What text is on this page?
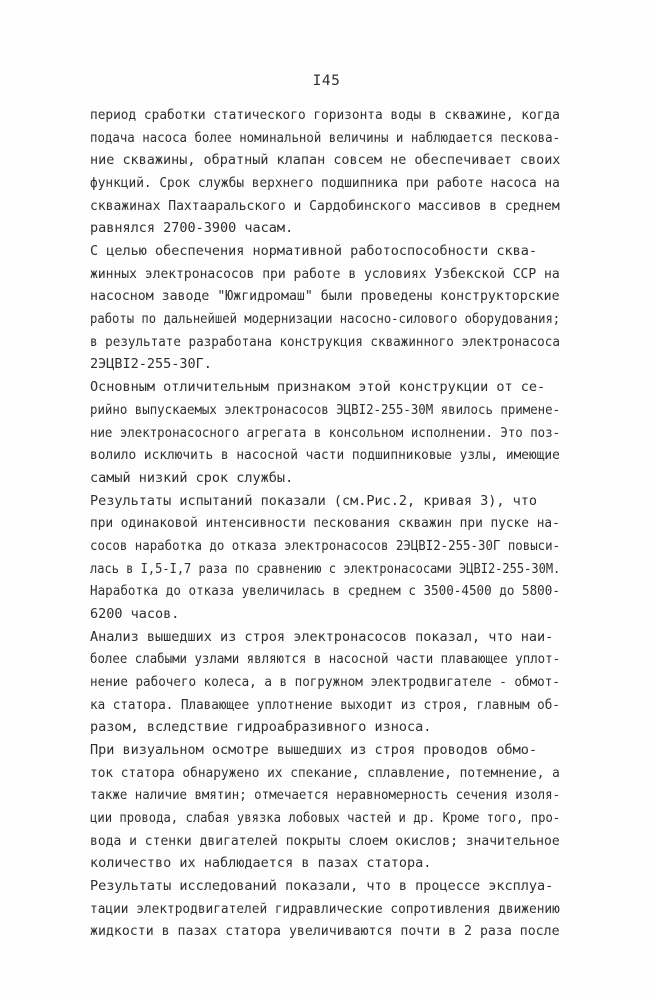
I45
период сработки статического горизонта воды в скважине, когда
подача насоса более номинальной величины и наблюдается пескова-
ние скважины, обратный клапан совсем не обеспечивает своих
функций. Срок службы верхнего подшипника при работе насоса на
скважинах Пахтааральского и Сардобинского массивов в среднем
равнялся 2700-3900 часам.
С целью обеспечения нормативной работоспособности сква-
жинных электронасосов при работе в условиях Узбекской ССР на
насосном заводе "Южгидромаш" были проведены конструкторские
работы по дальнейшей модернизации насосно-силового оборудования;
в результате разработана конструкция скважинного электронасоса
2ЭЦВI2-255-30Г.
Основным отличительным признаком этой конструкции от се-
рийно выпускаемых электронасосов ЭЦВI2-255-30М явилось примене-
ние электронасосного агрегата в консольном исполнении. Это поз-
волило исключить в насосной части подшипниковые узлы, имеющие
самый низкий срок службы.
Результаты испытаний показали (см.Рис.2, кривая 3), что
при одинаковой интенсивности пескования скважин при пуске на-
сосов наработка до отказа электронасосов 2ЭЦВI2-255-30Г повыси-
лась в I,5-I,7 раза по сравнению с электронасосами ЭЦВI2-255-30М.
Наработка до отказа увеличилась в среднем с 3500-4500 до 5800-
6200 часов.
Анализ вышедших из строя электронасосов показал, что наи-
более слабыми узлами являются в насосной части плавающее уплот-
нение рабочего колеса, а в погружном электродвигателе - обмот-
ка статора. Плавающее уплотнение выходит из строя, главным об-
разом, вследствие гидроабразивного износа.
При визуальном осмотре вышедших из строя проводов обмо-
ток статора обнаружено их спекание, сплавление, потемнение, а
также наличие вмятин; отмечается неравномерность сечения изоля-
ции провода, слабая увязка лобовых частей и др. Кроме того, про-
вода и стенки двигателей покрыты слоем окислов; значительное
количество их наблюдается в пазах статора.
Результаты исследований показали, что в процессе эксплуа-
тации электродвигателей гидравлические сопротивления движению
жидкости в пазах статора увеличиваются почти в 2 раза после
